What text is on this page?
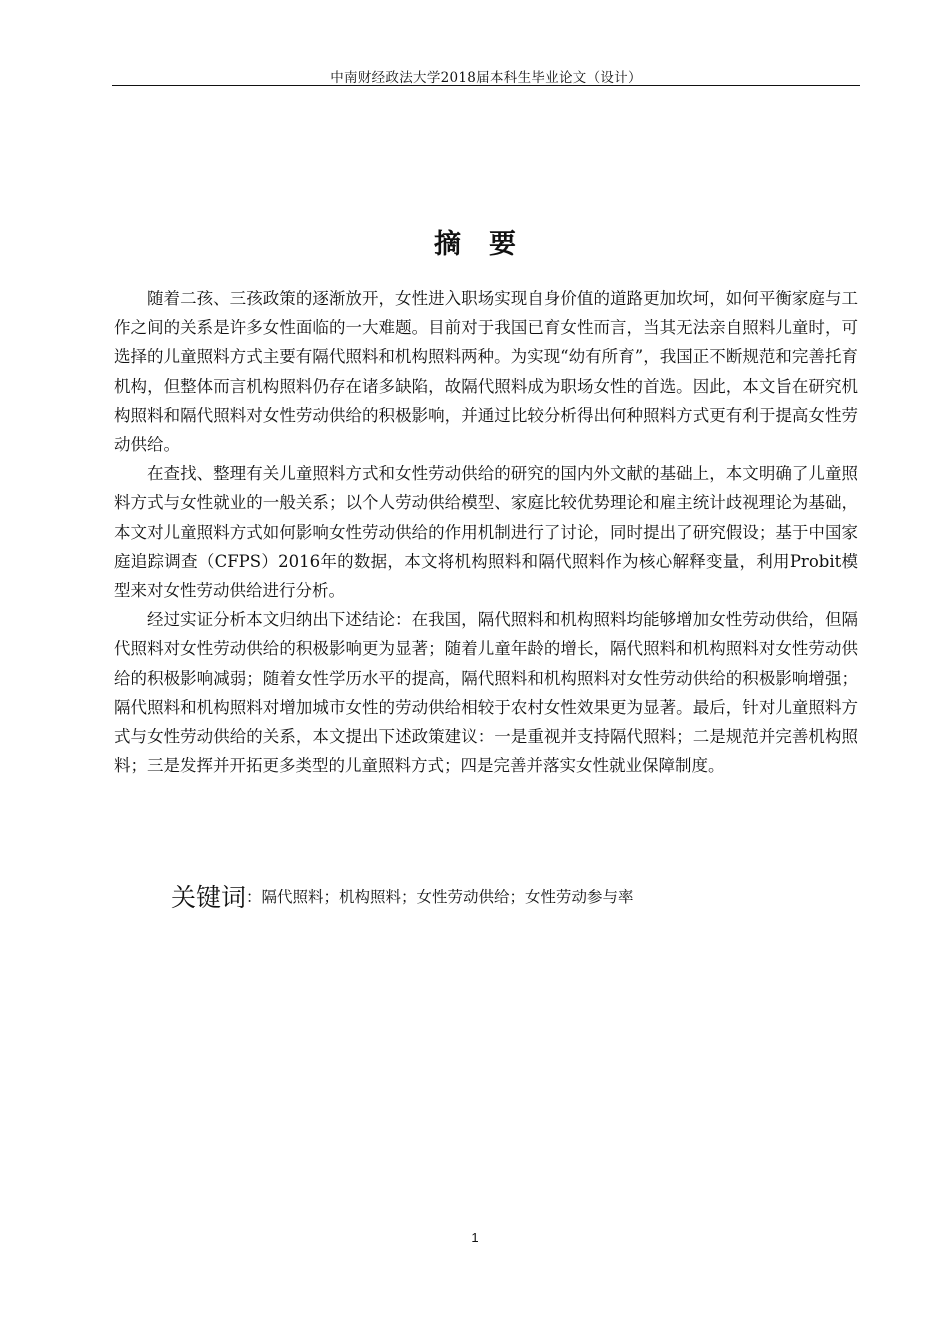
中南财经政法大学2018届本科生毕业论文（设计）
摘要

随着二孩、三孩政策的逐渐放开，女性进入职场实现自身价值的道路更加坎坷，如何平衡家庭与工作之间的关系是许多女性面临的一大难题。目前对于我国已育女性而言，当其无法亲自照料儿童时，可选择的儿童照料方式主要有隔代照料和机构照料两种。为实现“幼有所育”，我国正不断规范和完善托育机构，但整体而言机构照料仍存在诸多缺陷，故隔代照料成为职场女性的首选。因此，本文旨在研究机构照料和隔代照料对女性劳动供给的积极影响，并通过比较分析得出何种照料方式更有利于提高女性劳动供给。

在查找、整理有关儿童照料方式和女性劳动供给的研究的国内外文献的基础上，本文明确了儿童照料方式与女性就业的一般关系；以个人劳动供给模型、家庭比较优势理论和雇主统计歧视理论为基础，本文对儿童照料方式如何影响女性劳动供给的作用机制进行了讨论，同时提出了研究假设；基于中国家庭追踪调查（CFPS）2016年的数据，本文将机构照料和隔代照料作为核心解释变量，利用Probit模型来对女性劳动供给进行分析。

经过实证分析本文归纳出下述结论：在我国，隔代照料和机构照料均能够增加女性劳动供给，但隔代照料对女性劳动供给的积极影响更为显著；随着儿童年龄的增长，隔代照料和机构照料对女性劳动供给的积极影响减弱；随着女性学历水平的提高，隔代照料和机构照料对女性劳动供给的积极影响增强；隔代照料和机构照料对增加城市女性的劳动供给相较于农村女性效果更为显著。最后，针对儿童照料方式与女性劳动供给的关系，本文提出下述政策建议：一是重视并支持隔代照料；二是规范并完善机构照料；三是发挥并开拓更多类型的儿童照料方式；四是完善并落实女性就业保障制度。

关键词：隔代照料；机构照料；女性劳动供给；女性劳动参与率
1
